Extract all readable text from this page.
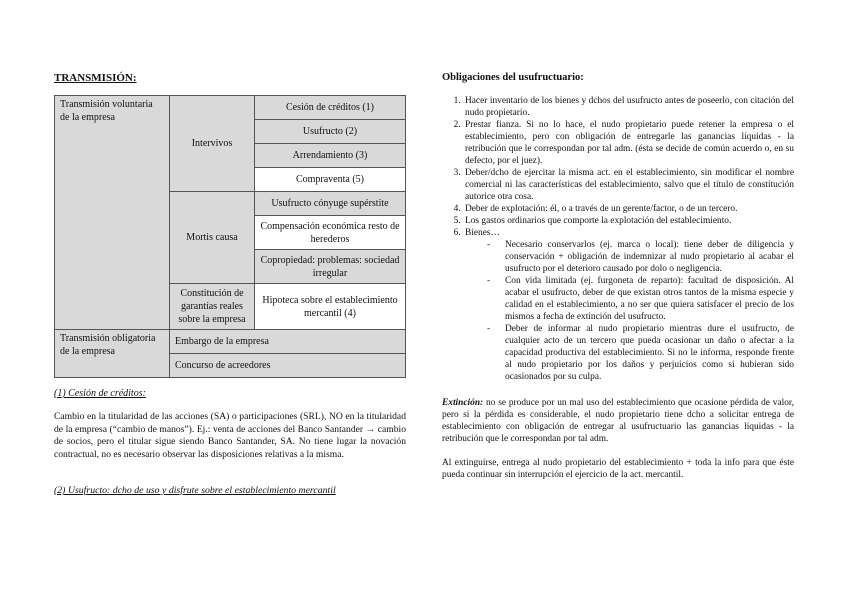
TRANSMISIÓN:
Transmisión voluntaria de la empresa	Intervivos	Cesión de créditos (1)
		Usufructo (2)
		Arrendamiento (3)
		Compraventa (5)
	Mortis causa	Usufructo cónyuge supérstite
		Compensación económica resto de herederos
		Copropiedad: problemas: sociedad irregular
	Constitución de garantías reales sobre la empresa	Hipoteca sobre el establecimiento mercantil (4)

Transmisión obligatoria de la empresa	Embargo de la empresa	
	Concurso de acreedores	
(1) Cesión de créditos:

Cambio en la titularidad de las acciones (SA) o participaciones (SRL), NO en la titularidad de la empresa (“cambio de manos”). Ej.: venta de acciones del Banco Santander → cambio de socios, pero el titular sigue siendo Banco Santander, SA. No tiene lugar la novación contractual, no es necesario observar las disposiciones relativas a la misma.

(2) Usufructo: dcho de uso y disfrute sobre el establecimiento mercantil
Obligaciones del usufructuario:
1. Hacer inventario de los bienes y dchos del usufructo antes de poseerlo, con citación del nudo propietario.
2. Prestar fianza. Si no lo hace, el nudo propietario puede retener la empresa o el establecimiento, pero con obligación de entregarle las ganancias líquidas - la retribución que le correspondan por tal adm. (ésta se decide de común acuerdo o, en su defecto, por el juez).
3. Deber/dcho de ejercitar la misma act. en el establecimiento, sin modificar el nombre comercial ni las características del establecimiento, salvo que el título de constitución autorice otra cosa.
4. Deber de explotación: él, o a través de un gerente/factor, o de un tercero.
5. Los gastos ordinarios que comporte la explotación del establecimiento.
6. Bienes…
- Necesario conservarlos (ej. marca o local): tiene deber de diligencia y conservación + obligación de indemnizar al nudo propietario al acabar el usufructo por el deterioro causado por dolo o negligencia.
- Con vida limitada (ej. furgoneta de reparto): facultad de disposición. Al acabar el usufructo, deber de que existan otros tantos de la misma especie y calidad en el establecimiento, a no ser que quiera satisfacer el precio de los mismos a fecha de extinción del usufructo.
- Deber de informar al nudo propietario mientras dure el usufructo, de cualquier acto de un tercero que pueda ocasionar un daño o afectar a la capacidad productiva del establecimiento. Si no le informa, responde frente al nudo propietario por los daños y perjuicios como si hubieran sido ocasionados por su culpa.

Extinción: no se produce por un mal uso del establecimiento que ocasione pérdida de valor, pero si la pérdida es considerable, el nudo propietario tiene dcho a solicitar entrega de establecimiento con obligación de entregar al usufructuario las ganancias líquidas - la retribución que le correspondan por tal adm.

Al extinguirse, entrega al nudo propietario del establecimiento + toda la info para que éste pueda continuar sin interrupción el ejercicio de la act. mercantil.
